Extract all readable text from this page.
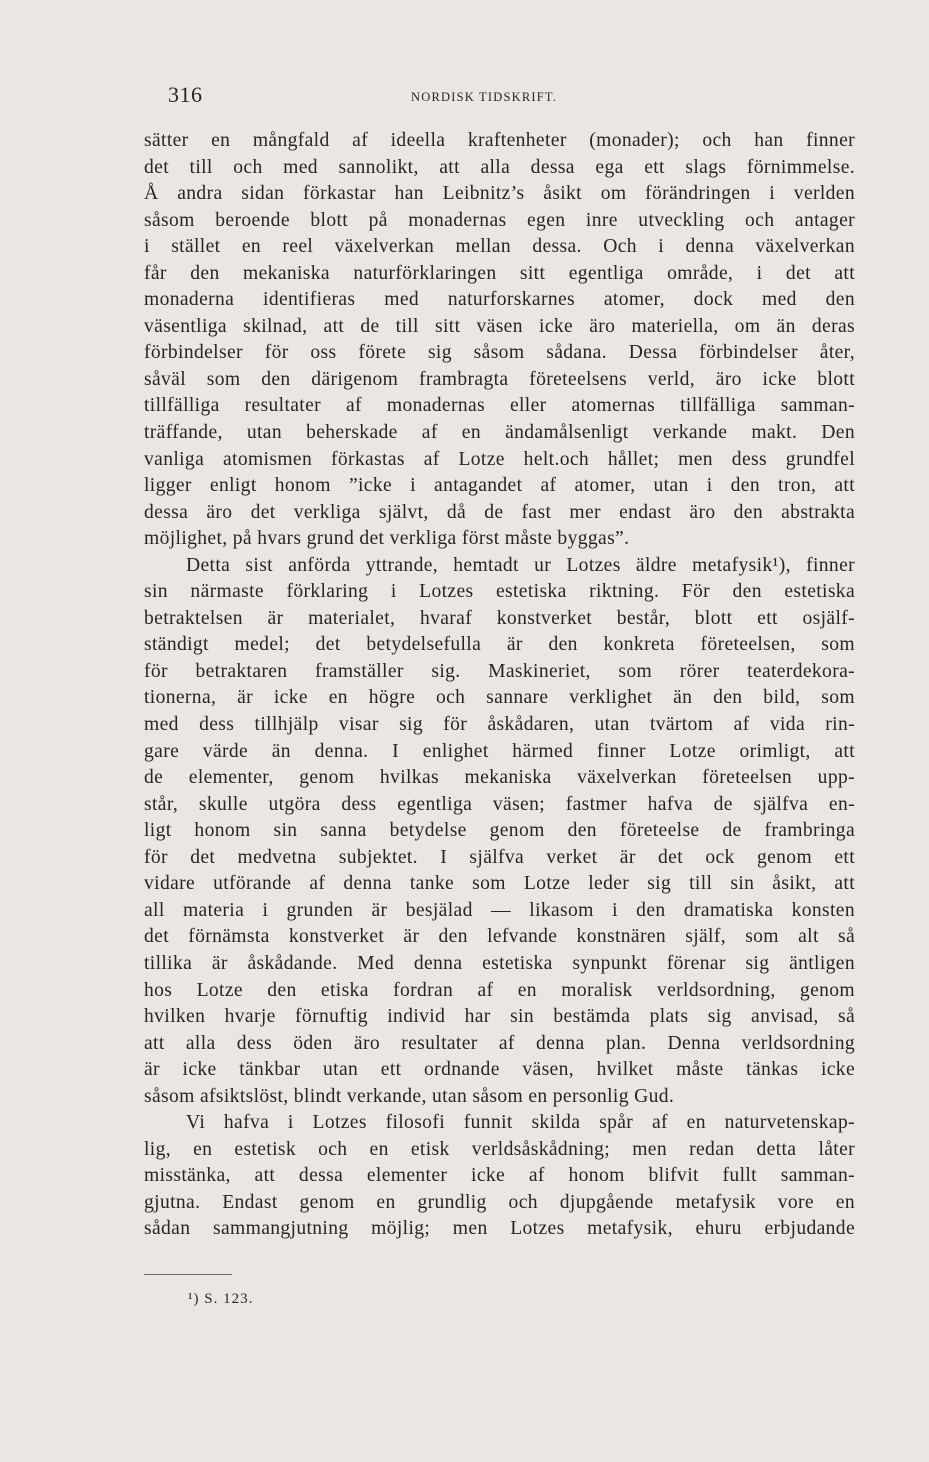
316	NORDISK TIDSKRIFT.
sätter en mångfald af ideella kraftenheter (monader); och han finner
det till och med sannolikt, att alla dessa ega ett slags förnimmelse.
Å andra sidan förkastar han Leibnitz’s åsikt om förändringen i verlden
såsom beroende blott på monadernas egen inre utveckling och antager
i stället en reel växelverkan mellan dessa. Och i denna växelverkan
får den mekaniska naturförklaringen sitt egentliga område, i det att
monaderna identifieras med naturforskarnes atomer, dock med den
väsentliga skilnad, att de till sitt väsen icke äro materiella, om än deras
förbindelser för oss förete sig såsom sådana. Dessa förbindelser åter,
såväl som den därigenom frambragta företeelsens verld, äro icke blott
tillfälliga resultater af monadernas eller atomernas tillfälliga samman-
träffande, utan beherskade af en ändamålsenligt verkande makt. Den
vanliga atomismen förkastas af Lotze helt.och hållet; men dess grundfel
ligger enligt honom ”icke i antagandet af atomer, utan i den tron, att
dessa äro det verkliga självt, då de fast mer endast äro den abstrakta
möjlighet, på hvars grund det verkliga först måste byggas”.
Detta sist anförda yttrande, hemtadt ur Lotzes äldre metafysik¹), finner
sin närmaste förklaring i Lotzes estetiska riktning. För den estetiska
betraktelsen är materialet, hvaraf konstverket består, blott ett osjälf-
ständigt medel; det betydelsefulla är den konkreta företeelsen, som
för betraktaren framställer sig. Maskineriet, som rörer teaterdekora-
tionerna, är icke en högre och sannare verklighet än den bild, som
med dess tillhjälp visar sig för åskådaren, utan tvärtom af vida rin-
gare värde än denna. I enlighet härmed finner Lotze orimligt, att
de elementer, genom hvilkas mekaniska växelverkan företeelsen upp-
står, skulle utgöra dess egentliga väsen; fastmer hafva de själfva en-
ligt honom sin sanna betydelse genom den företeelse de frambringa
för det medvetna subjektet. I själfva verket är det ock genom ett
vidare utförande af denna tanke som Lotze leder sig till sin åsikt, att
all materia i grunden är besjälad — likasom i den dramatiska konsten
det förnämsta konstverket är den lefvande konstnären själf, som alt så
tillika är åskådande. Med denna estetiska synpunkt förenar sig äntligen
hos Lotze den etiska fordran af en moralisk verldsordning, genom
hvilken hvarje förnuftig individ har sin bestämda plats sig anvisad, så
att alla dess öden äro resultater af denna plan. Denna verldsordning
är icke tänkbar utan ett ordnande väsen, hvilket måste tänkas icke
såsom afsiktslöst, blindt verkande, utan såsom en personlig Gud.
Vi hafva i Lotzes filosofi funnit skilda spår af en naturvetenskap-
lig, en estetisk och en etisk verldsåskådning; men redan detta låter
misstänka, att dessa elementer icke af honom blifvit fullt samman-
gjutna. Endast genom en grundlig och djupgående metafysik vore en
sådan sammangjutning möjlig; men Lotzes metafysik, ehuru erbjudande
¹) S. 123.
